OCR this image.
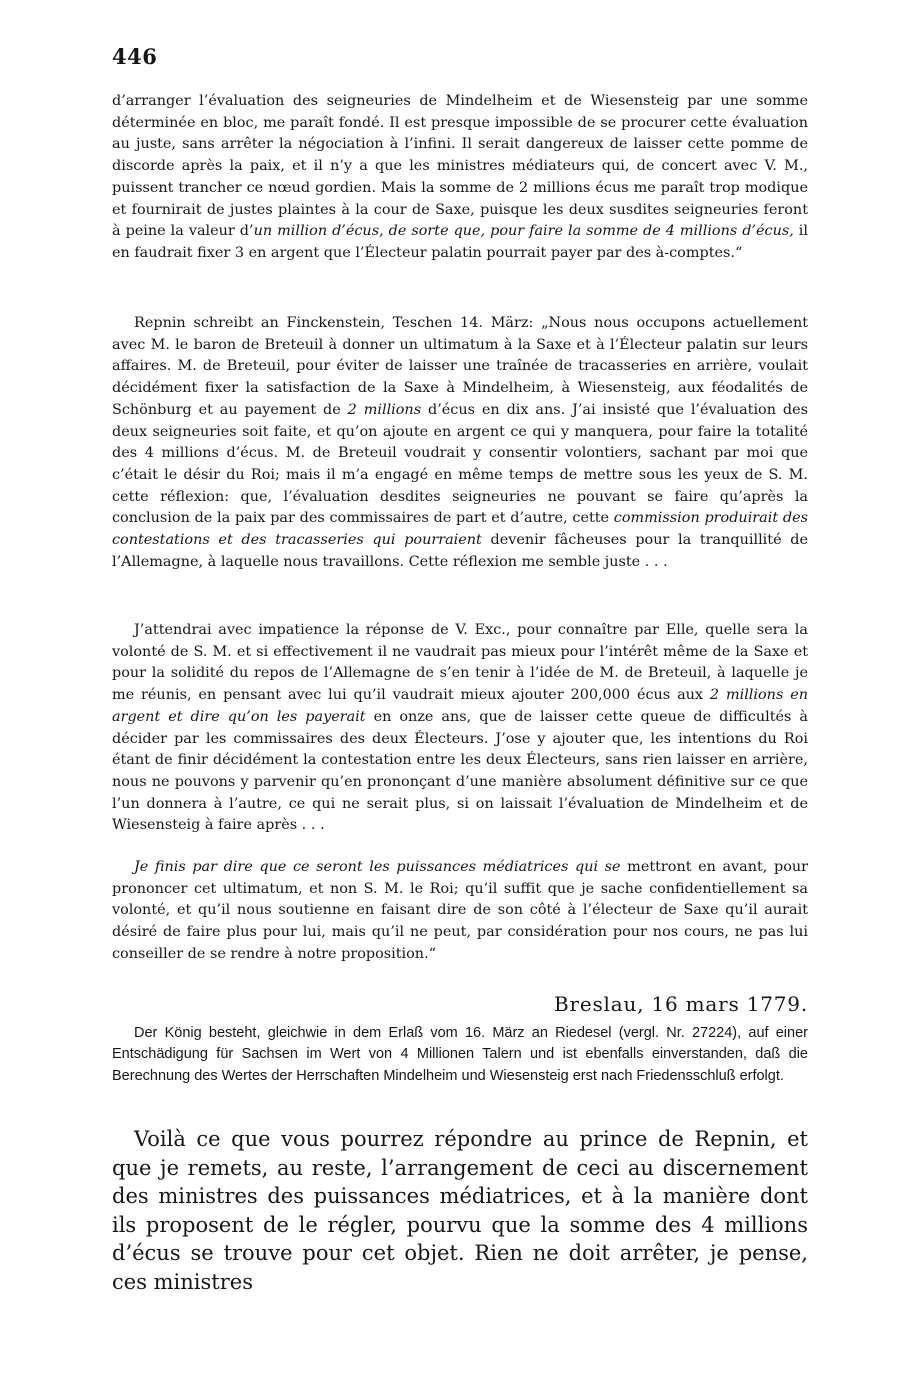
446

d’arranger l’évaluation des seigneuries de Mindelheim et de Wiesensteig par une somme déterminée en bloc, me paraît fondé. Il est presque impossible de se procurer cette évaluation au juste, sans arrêter la négociation à l’infini. Il serait dangereux de laisser cette pomme de discorde après la paix, et il n’y a que les ministres médiateurs qui, de concert avec V. M., puissent trancher ce nœud gordien. Mais la somme de 2 millions écus me paraît trop modique et fournirait de justes plaintes à la cour de Saxe, puisque les deux susdites seigneuries feront à peine la valeur d’un million d’écus, de sorte que, pour faire la somme de 4 millions d’écus, il en faudrait fixer 3 en argent que l’Électeur palatin pourrait payer par des à-comptes.“

Repnin schreibt an Finckenstein, Teschen 14. März: „Nous nous occupons actuellement avec M. le baron de Breteuil à donner un ultimatum à la Saxe et à l’Électeur palatin sur leurs affaires. M. de Breteuil, pour éviter de laisser une traînée de tracasseries en arrière, voulait décidément fixer la satisfaction de la Saxe à Mindelheim, à Wiesensteig, aux féodalités de Schönburg et au payement de 2 millions d’écus en dix ans. J’ai insisté que l’évaluation des deux seigneuries soit faite, et qu’on ajoute en argent ce qui y manquera, pour faire la totalité des 4 millions d’écus. M. de Breteuil voudrait y consentir volontiers, sachant par moi que c’était le désir du Roi; mais il m’a engagé en même temps de mettre sous les yeux de S. M. cette réflexion: que, l’évaluation desdites seigneuries ne pouvant se faire qu’après la conclusion de la paix par des commissaires de part et d’autre, cette commission produirait des contestations et des tracasseries qui pourraient devenir fâcheuses pour la tranquillité de l’Allemagne, à laquelle nous travaillons. Cette réflexion me semble juste . . .

J’attendrai avec impatience la réponse de V. Exc., pour connaître par Elle, quelle sera la volonté de S. M. et si effectivement il ne vaudrait pas mieux pour l’intérêt même de la Saxe et pour la solidité du repos de l’Allemagne de s’en tenir à l’idée de M. de Breteuil, à laquelle je me réunis, en pensant avec lui qu’il vaudrait mieux ajouter 200,000 écus aux 2 millions en argent et dire qu’on les payerait en onze ans, que de laisser cette queue de difficultés à décider par les commissaires des deux Électeurs. J’ose y ajouter que, les intentions du Roi étant de finir décidément la contestation entre les deux Électeurs, sans rien laisser en arrière, nous ne pouvons y parvenir qu’en prononçant d’une manière absolument définitive sur ce que l’un donnera à l’autre, ce qui ne serait plus, si on laissait l’évaluation de Mindelheim et de Wiesensteig à faire après . . .

Je finis par dire que ce seront les puissances médiatrices qui se mettront en avant, pour prononcer cet ultimatum, et non S. M. le Roi; qu’il suffit que je sache confidentiellement sa volonté, et qu’il nous soutienne en faisant dire de son côté à l’électeur de Saxe qu’il aurait désiré de faire plus pour lui, mais qu’il ne peut, par considération pour nos cours, ne pas lui conseiller de se rendre à notre proposition.“

Breslau, 16 mars 1779.

Der König besteht, gleichwie in dem Erlaß vom 16. März an Riedesel (vergl. Nr. 27224), auf einer Entschädigung für Sachsen im Wert von 4 Millionen Talern und ist ebenfalls einverstanden, daß die Berechnung des Wertes der Herrschaften Mindelheim und Wiesensteig erst nach Friedensschluß erfolgt.

Voilà ce que vous pourrez répondre au prince de Repnin, et que je remets, au reste, l’arrangement de ceci au discernement des ministres des puissances médiatrices, et à la manière dont ils proposent de le régler, pourvu que la somme des 4 millions d’écus se trouve pour cet objet. Rien ne doit arrêter, je pense, ces ministres
